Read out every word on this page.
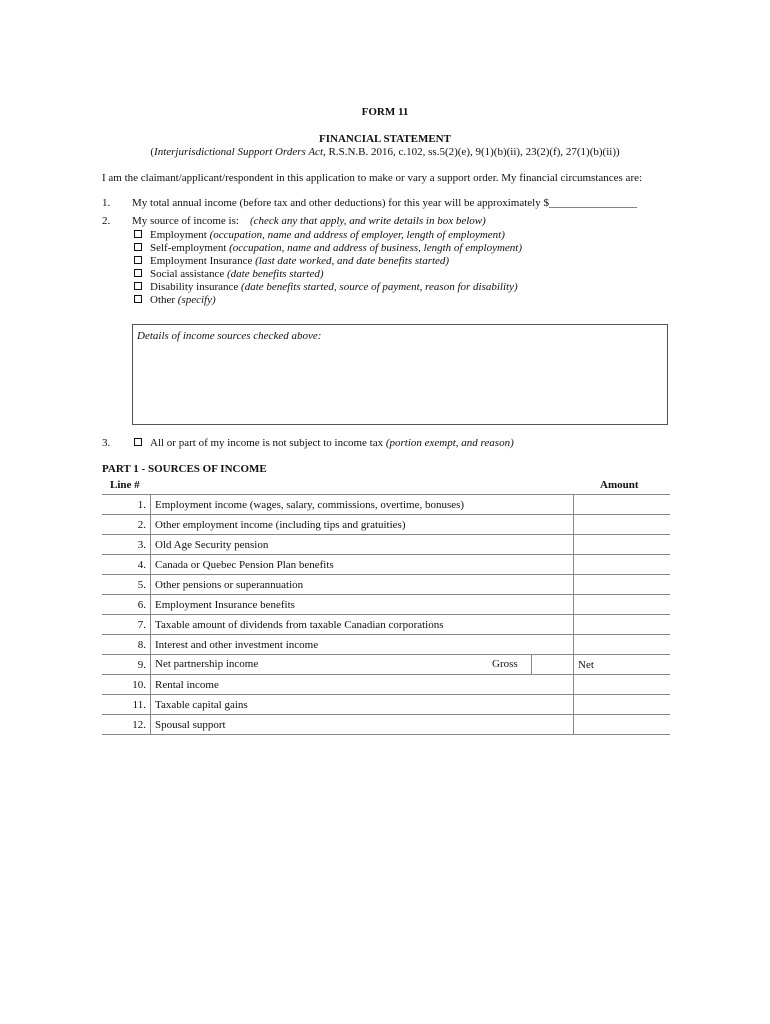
FORM 11
FINANCIAL STATEMENT
(Interjurisdictional Support Orders Act, R.S.N.B. 2016, c.102, ss.5(2)(e), 9(1)(b)(ii), 23(2)(f), 27(1)(b)(ii))
I am the claimant/applicant/respondent in this application to make or vary a support order. My financial circumstances are:
1. My total annual income (before tax and other deductions) for this year will be approximately $________________
2. My source of income is: (check any that apply, and write details in box below)
Employment (occupation, name and address of employer, length of employment)
Self-employment (occupation, name and address of business, length of employment)
Employment Insurance (last date worked, and date benefits started)
Social assistance (date benefits started)
Disability insurance (date benefits started, source of payment, reason for disability)
Other (specify)
Details of income sources checked above:
3.	All or part of my income is not subject to income tax (portion exempt, and reason)
PART 1 - SOURCES OF INCOME
Line #	Amount
1.	Employment income (wages, salary, commissions, overtime, bonuses)	
2.	Other employment income (including tips and gratuities)	
3.	Old Age Security pension	
4.	Canada or Quebec Pension Plan benefits	
5.	Other pensions or superannuation	
6.	Employment Insurance benefits	
7.	Taxable amount of dividends from taxable Canadian corporations	
8.	Interest and other investment income	
9.	Net partnership income Gross	Net
10.	Rental income	
11.	Taxable capital gains	
12.	Spousal support	
